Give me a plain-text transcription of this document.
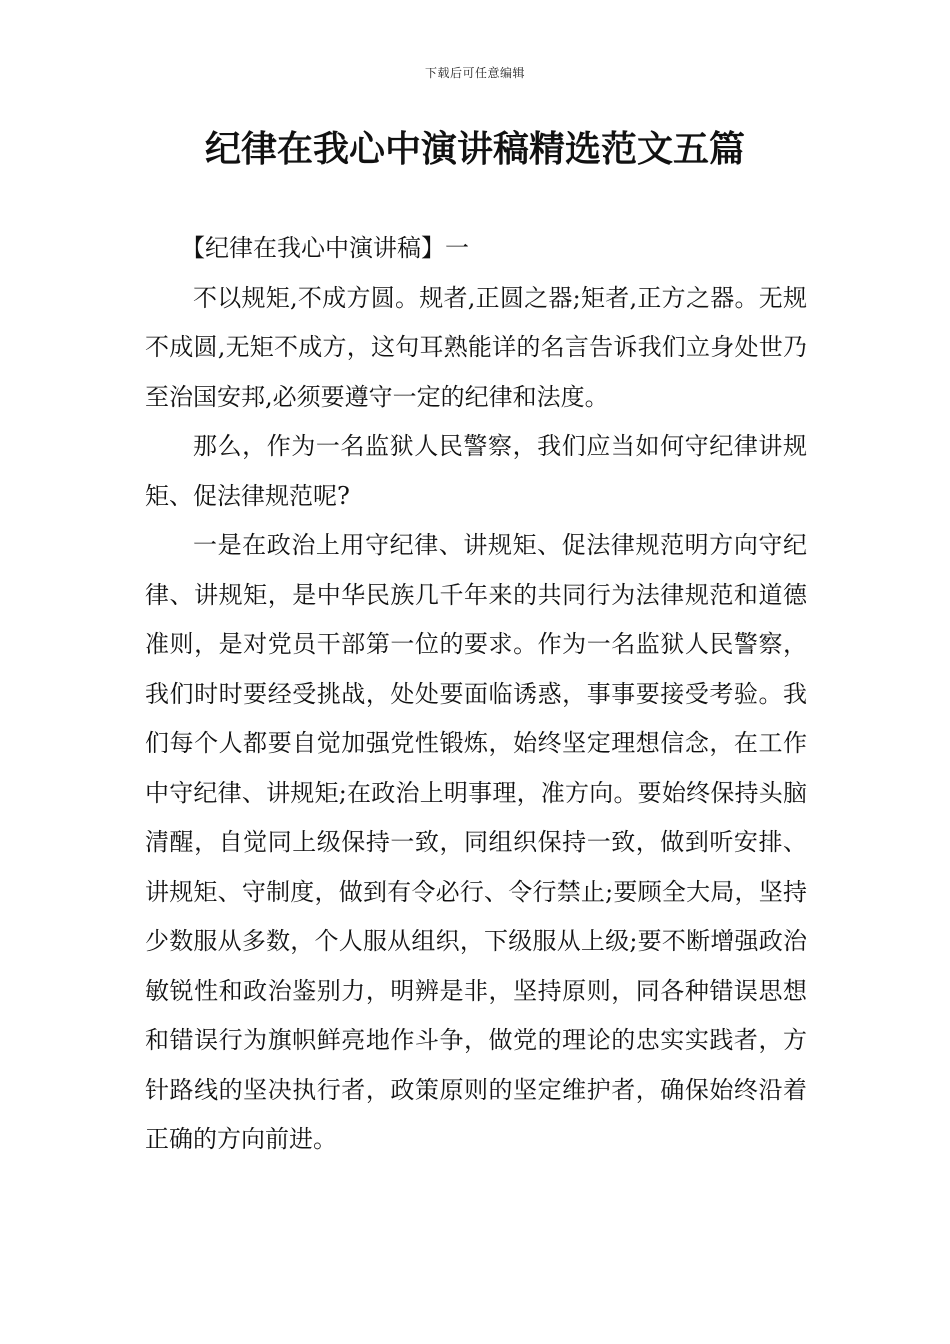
下载后可任意编辑
纪律在我心中演讲稿精选范文五篇

【纪律在我心中演讲稿】一

不以规矩,不成方圆。规者,正圆之器;矩者,正方之器。无规不成圆,无矩不成方，这句耳熟能详的名言告诉我们立身处世乃至治国安邦,必须要遵守一定的纪律和法度。

那么，作为一名监狱人民警察，我们应当如何守纪律讲规矩、促法律规范呢?

一是在政治上用守纪律、讲规矩、促法律规范明方向守纪律、讲规矩，是中华民族几千年来的共同行为法律规范和道德准则，是对党员干部第一位的要求。作为一名监狱人民警察，我们时时要经受挑战，处处要面临诱惑，事事要接受考验。我们每个人都要自觉加强党性锻炼，始终坚定理想信念，在工作中守纪律、讲规矩;在政治上明事理，准方向。要始终保持头脑清醒，自觉同上级保持一致，同组织保持一致，做到听安排、讲规矩、守制度，做到有令必行、令行禁止;要顾全大局，坚持少数服从多数，个人服从组织，下级服从上级;要不断增强政治敏锐性和政治鉴别力，明辨是非，坚持原则，同各种错误思想和错误行为旗帜鲜亮地作斗争，做党的理论的忠实实践者，方针路线的坚决执行者，政策原则的坚定维护者，确保始终沿着正确的方向前进。
